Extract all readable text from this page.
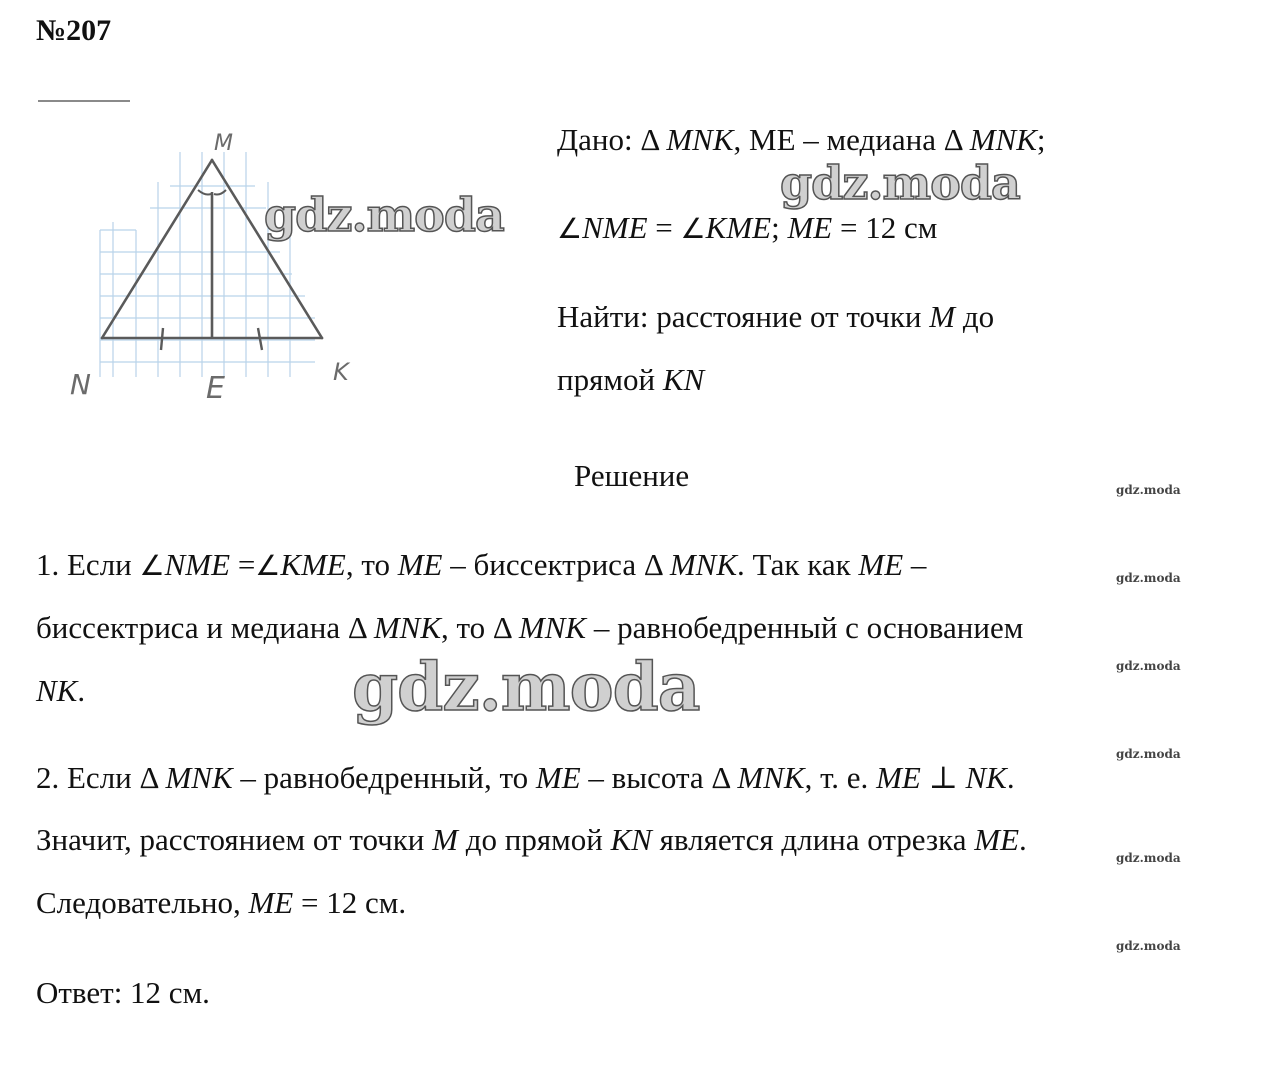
№207
M
N	E	K
gdz.moda
gdz.moda
gdz.moda
gdz.moda
gdz.moda
gdz.moda
gdz.moda
gdz.moda
gdz.moda
Дано: Δ MNK, ME – медиана Δ MNK;
∠NME = ∠KME; ME = 12 см
Найти: расстояние от точки M до
прямой KN
Решение
1. Если ∠NME =∠KME, то ME – биссектриса Δ MNK. Так как ME –
биссектриса и медиана Δ MNK, то Δ MNK – равнобедренный с основанием
NK.
2. Если Δ MNK – равнобедренный, то ME – высота Δ MNK, т. е. ME ⊥ NK.
Значит, расстоянием от точки M до прямой KN является длина отрезка ME.
Следовательно, ME = 12 см.
Ответ: 12 см.
